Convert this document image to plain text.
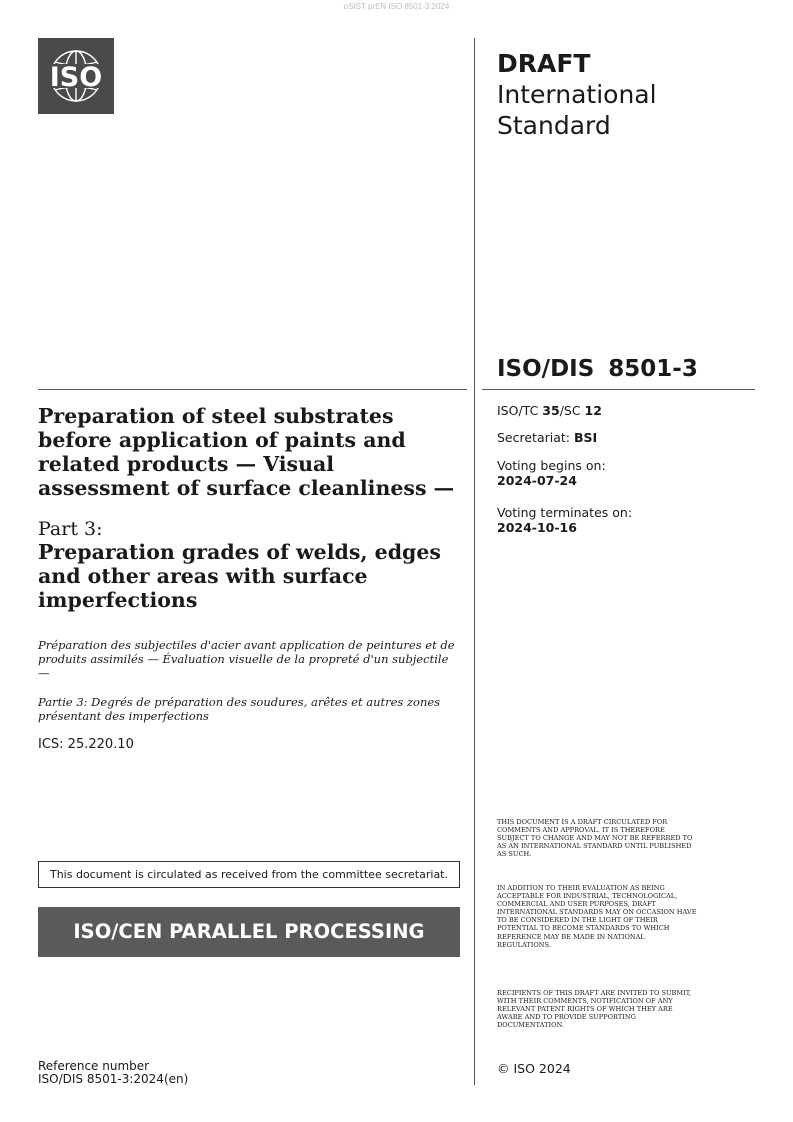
oSIST prEN ISO 8501-3:2024
ISO	DRAFT
International
Standard
ISO/DIS 8501-3
ISO/TC 35/SC 12
Secretariat: BSI
Voting begins on:
2024-07-24
Voting terminates on:
2024-10-16
Preparation of steel substrates before application of paints and related products — Visual assessment of surface cleanliness —
Part 3:
Preparation grades of welds, edges and other areas with surface imperfections
Préparation des subjectiles d'acier avant application de peintures et de produits assimilés — Évaluation visuelle de la propreté d'un subjectile —
Partie 3: Degrés de préparation des soudures, arêtes et autres zones présentant des imperfections
ICS: 25.220.10
This document is circulated as received from the committee secretariat.
ISO/CEN PARALLEL PROCESSING
Reference number
ISO/DIS 8501-3:2024(en)
THIS DOCUMENT IS A DRAFT CIRCULATED FOR COMMENTS AND APPROVAL. IT IS THEREFORE SUBJECT TO CHANGE AND MAY NOT BE REFERRED TO AS AN INTERNATIONAL STANDARD UNTIL PUBLISHED AS SUCH.
IN ADDITION TO THEIR EVALUATION AS BEING ACCEPTABLE FOR INDUSTRIAL, TECHNOLOGICAL, COMMERCIAL AND USER PURPOSES, DRAFT INTERNATIONAL STANDARDS MAY ON OCCASION HAVE TO BE CONSIDERED IN THE LIGHT OF THEIR POTENTIAL TO BECOME STANDARDS TO WHICH REFERENCE MAY BE MADE IN NATIONAL REGULATIONS.
RECIPIENTS OF THIS DRAFT ARE INVITED TO SUBMIT, WITH THEIR COMMENTS, NOTIFICATION OF ANY RELEVANT PATENT RIGHTS OF WHICH THEY ARE AWARE AND TO PROVIDE SUPPORTING DOCUMENTATION.
© ISO 2024
